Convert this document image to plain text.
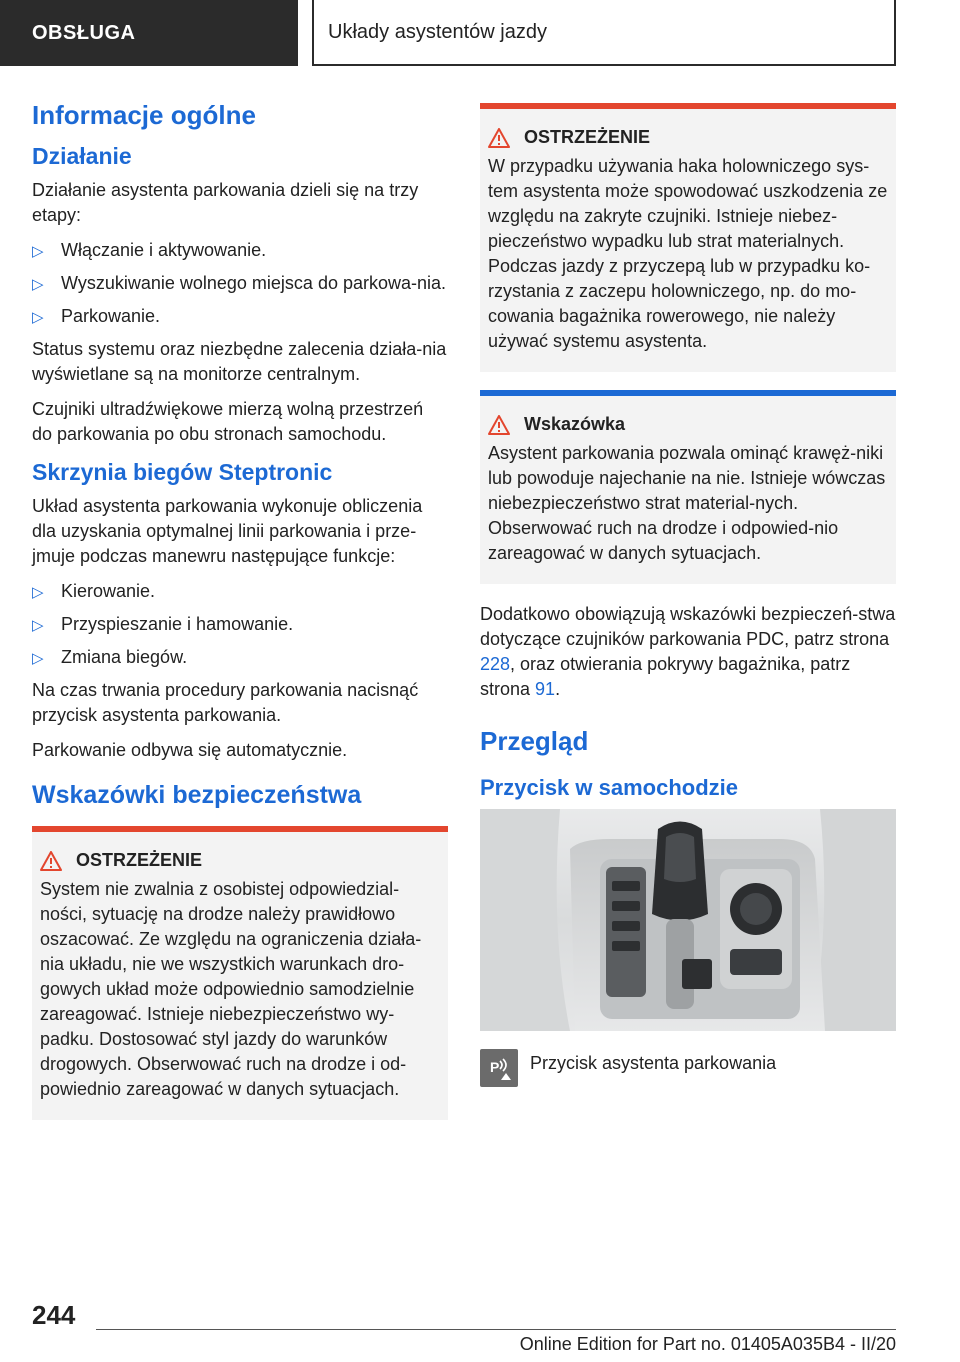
OBSŁUGA	Układy asystentów jazdy
Informacje ogólne
Działanie
Działanie asystenta parkowania dzieli się na trzy etapy:
▷ Włączanie i aktywowanie.
▷ Wyszukiwanie wolnego miejsca do parkowa‐nia.
▷ Parkowanie.
Status systemu oraz niezbędne zalecenia działa‐nia wyświetlane są na monitorze centralnym.
Czujniki ultradźwiękowe mierzą wolną przestrzeń do parkowania po obu stronach samochodu.
Skrzynia biegów Steptronic
Układ asystenta parkowania wykonuje obliczenia dla uzyskania optymalnej linii parkowania i prze‐jmuje podczas manewru następujące funkcje:
▷ Kierowanie.
▷ Przyspieszanie i hamowanie.
▷ Zmiana biegów.
Na czas trwania procedury parkowania nacisnąć przycisk asystenta parkowania.
Parkowanie odbywa się automatycznie.
Wskazówki bezpieczeństwa
OSTRZEŻENIE
System nie zwalnia z osobistej odpowiedzial‐ności, sytuację na drodze należy prawidłowo oszacować. Ze względu na ograniczenia działa‐nia układu, nie we wszystkich warunkach dro‐gowych układ może odpowiednio samodzielnie zareagować. Istnieje niebezpieczeństwo wy‐padku. Dostosować styl jazdy do warunków drogowych. Obserwować ruch na drodze i od‐powiednio zareagować w danych sytuacjach.
OSTRZEŻENIE
W przypadku używania haka holowniczego sys‐tem asystenta może spowodować uszkodzenia ze względu na zakryte czujniki. Istnieje niebez‐pieczeństwo wypadku lub strat materialnych. Podczas jazdy z przyczepą lub w przypadku ko‐rzystania z zaczepu holowniczego, np. do mo‐cowania bagażnika rowerowego, nie należy używać systemu asystenta.
Wskazówka
Asystent parkowania pozwala ominąć krawęż‐niki lub powoduje najechanie na nie. Istnieje wówczas niebezpieczeństwo strat material‐nych. Obserwować ruch na drodze i odpowied‐nio zareagować w danych sytuacjach.
Dodatkowo obowiązują wskazówki bezpieczeń‐stwa dotyczące czujników parkowania PDC, patrz strona 228, oraz otwierania pokrywy bagażnika, patrz strona 91.
Przegląd
Przycisk w samochodzie
P Przycisk asystenta parkowania
244
Online Edition for Part no. 01405A035B4 - II/20
